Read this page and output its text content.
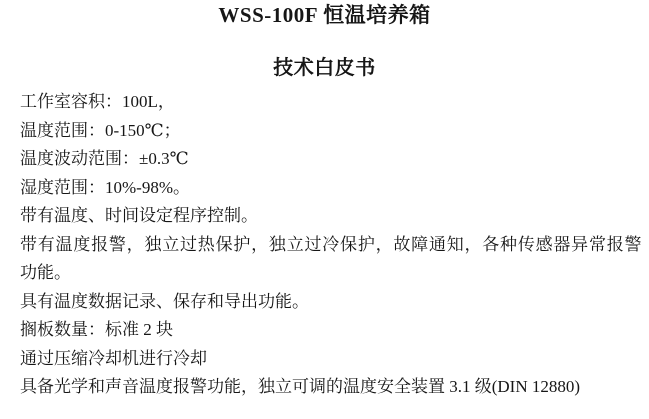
WSS-100F 恒温培养箱
技术白皮书

工作室容积：100L，

温度范围：0-150℃；

温度波动范围：±0.3℃

湿度范围：10%-98%。

带有温度、时间设定程序控制。

带有温度报警，独立过热保护，独立过冷保护，故障通知，各种传感器异常报警

功能。

具有温度数据记录、保存和导出功能。

搁板数量：标准 2 块

通过压缩冷却机进行冷却

具备光学和声音温度报警功能，独立可调的温度安全装置 3.1 级(DIN 12880)
